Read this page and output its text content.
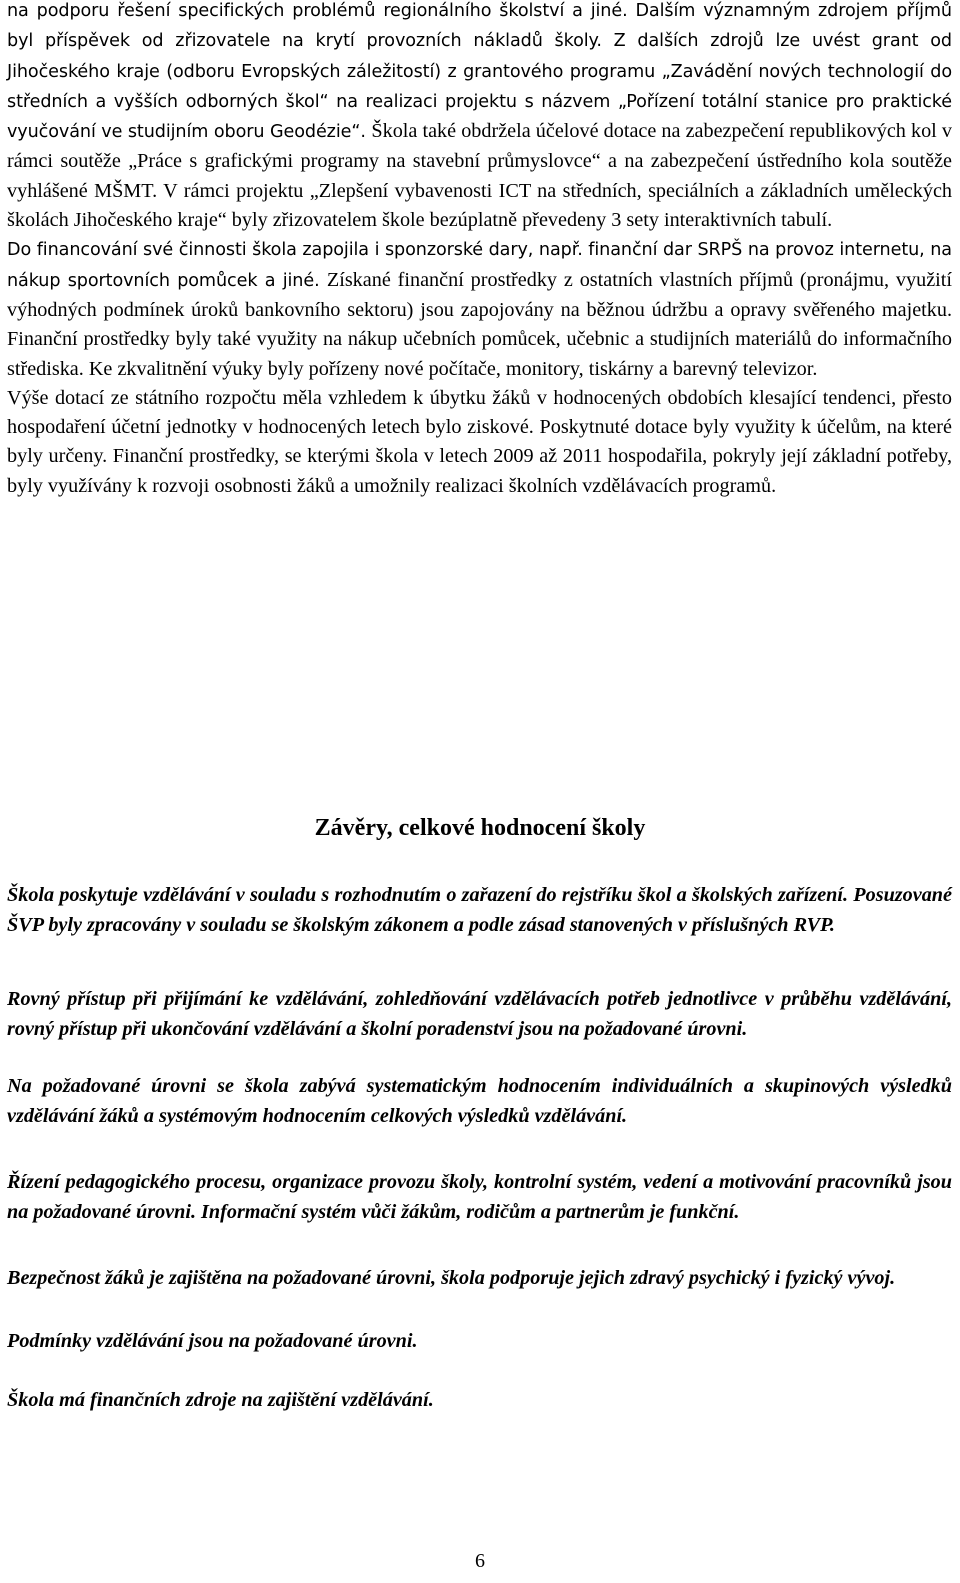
na podporu řešení specifických problémů regionálního školství a jiné. Dalším významným zdrojem příjmů byl příspěvek od zřizovatele na krytí provozních nákladů školy. Z dalších zdrojů lze uvést grant od Jihočeského kraje (odboru Evropských záležitostí) z grantového programu „Zavádění nových technologií do středních a vyšších odborných škol“ na realizaci projektu s názvem „Pořízení totální stanice pro praktické vyučování ve studijním oboru Geodézie“. Škola také obdržela účelové dotace na zabezpečení republikových kol v rámci soutěže „Práce s grafickými programy na stavební průmyslovce“ a na zabezpečení ústředního kola soutěže vyhlášené MŠMT. V rámci projektu „Zlepšení vybavenosti ICT na středních, speciálních a základních uměleckých školách Jihočeského kraje“ byly zřizovatelem škole bezúplatně převedeny 3 sety interaktivních tabulí.
Do financování své činnosti škola zapojila i sponzorské dary, např. finanční dar SRPŠ na provoz internetu, na nákup sportovních pomůcek a jiné. Získané finanční prostředky z ostatních vlastních příjmů (pronájmu, využití výhodných podmínek úroků bankovního sektoru) jsou zapojovány na běžnou údržbu a opravy svěřeného majetku. Finanční prostředky byly také využity na nákup učebních pomůcek, učebnic a studijních materiálů do informačního střediska. Ke zkvalitnění výuky byly pořízeny nové počítače, monitory, tiskárny a barevný televizor.
Výše dotací ze státního rozpočtu měla vzhledem k úbytku žáků v hodnocených obdobích klesající tendenci, přesto hospodaření účetní jednotky v hodnocených letech bylo ziskové. Poskytnuté dotace byly využity k účelům, na které byly určeny. Finanční prostředky, se kterými škola v letech 2009 až 2011 hospodařila, pokryly její základní potřeby, byly využívány k rozvoji osobnosti žáků a umožnily realizaci školních vzdělávacích programů.
Závěry, celkové hodnocení školy

Škola poskytuje vzdělávání v souladu s rozhodnutím o zařazení do rejstříku škol a školských zařízení. Posuzované ŠVP byly zpracovány v souladu se školským zákonem a podle zásad stanovených v příslušných RVP.

Rovný přístup při přijímání ke vzdělávání, zohledňování vzdělávacích potřeb jednotlivce v průběhu vzdělávání, rovný přístup při ukončování vzdělávání a školní poradenství jsou na požadované úrovni.

Na požadované úrovni se škola zabývá systematickým hodnocením individuálních a skupinových výsledků vzdělávání žáků a systémovým hodnocením celkových výsledků vzdělávání.

Řízení pedagogického procesu, organizace provozu školy, kontrolní systém, vedení a motivování pracovníků jsou na požadované úrovni. Informační systém vůči žákům, rodičům a partnerům je funkční.

Bezpečnost žáků je zajištěna na požadované úrovni, škola podporuje jejich zdravý psychický i fyzický vývoj.

Podmínky vzdělávání jsou na požadované úrovni.

Škola má finančních zdroje na zajištění vzdělávání.

6
